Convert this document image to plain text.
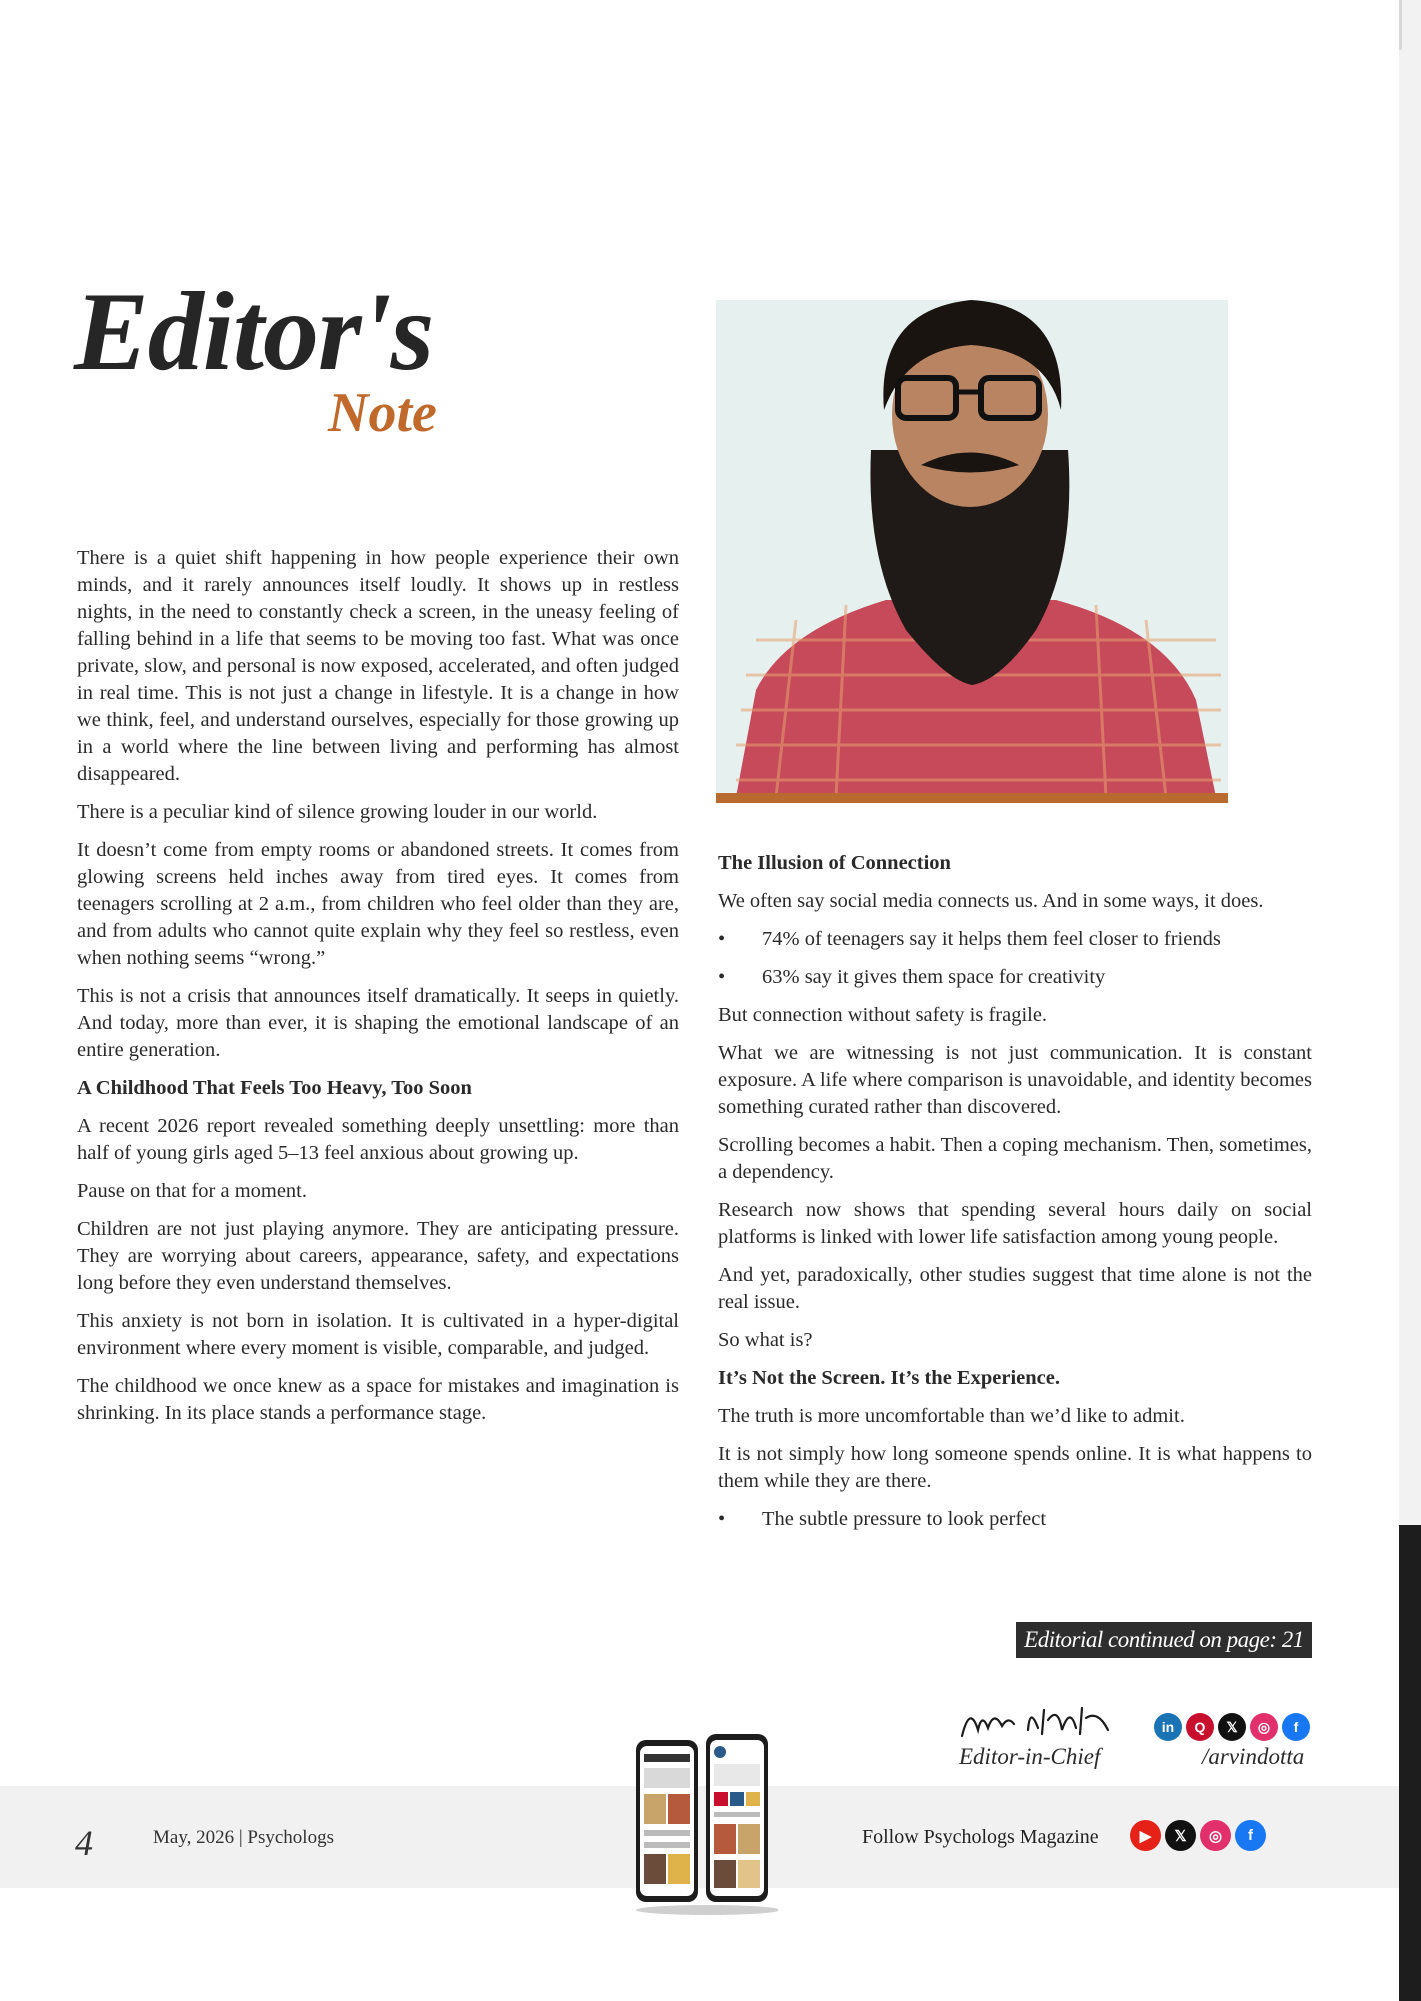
Editor's
Note

There is a quiet shift happening in how people experience their own minds, and it rarely announces itself loudly. It shows up in restless nights, in the need to constantly check a screen, in the uneasy feeling of falling behind in a life that seems to be moving too fast. What was once private, slow, and personal is now exposed, accelerated, and often judged in real time. This is not just a change in lifestyle. It is a change in how we think, feel, and understand ourselves, especially for those growing up in a world where the line between living and performing has almost disappeared.

There is a peculiar kind of silence growing louder in our world.

It doesn’t come from empty rooms or abandoned streets. It comes from glowing screens held inches away from tired eyes. It comes from teenagers scrolling at 2 a.m., from children who feel older than they are, and from adults who cannot quite explain why they feel so restless, even when nothing seems “wrong.”

This is not a crisis that announces itself dramatically. It seeps in quietly. And today, more than ever, it is shaping the emotional landscape of an entire generation.

A Childhood That Feels Too Heavy, Too Soon

A recent 2026 report revealed something deeply unsettling: more than half of young girls aged 5–13 feel anxious about growing up.

Pause on that for a moment.

Children are not just playing anymore. They are anticipating pressure. They are worrying about careers, appearance, safety, and expectations long before they even understand themselves.

This anxiety is not born in isolation. It is cultivated in a hyper-digital environment where every moment is visible, comparable, and judged.

The childhood we once knew as a space for mistakes and imagination is shrinking. In its place stands a performance stage.

The Illusion of Connection

We often say social media connects us. And in some ways, it does.

• 74% of teenagers say it helps them feel closer to friends
• 63% say it gives them space for creativity

But connection without safety is fragile.

What we are witnessing is not just communication. It is constant exposure. A life where comparison is unavoidable, and identity becomes something curated rather than discovered.

Scrolling becomes a habit. Then a coping mechanism. Then, sometimes, a dependency.

Research now shows that spending several hours daily on social platforms is linked with lower life satisfaction among young people.

And yet, paradoxically, other studies suggest that time alone is not the real issue.

So what is?

It’s Not the Screen. It’s the Experience.

The truth is more uncomfortable than we’d like to admit.

It is not simply how long someone spends online. It is what happens to them while they are there.

• The subtle pressure to look perfect
Editorial continued on page: 21
Editor-in-Chief
in	Q	𝕏	◎	f
/arvindotta
4	May, 2026 | Psychologs	Follow Psychologs Magazine	▶	𝕏	◎	f
